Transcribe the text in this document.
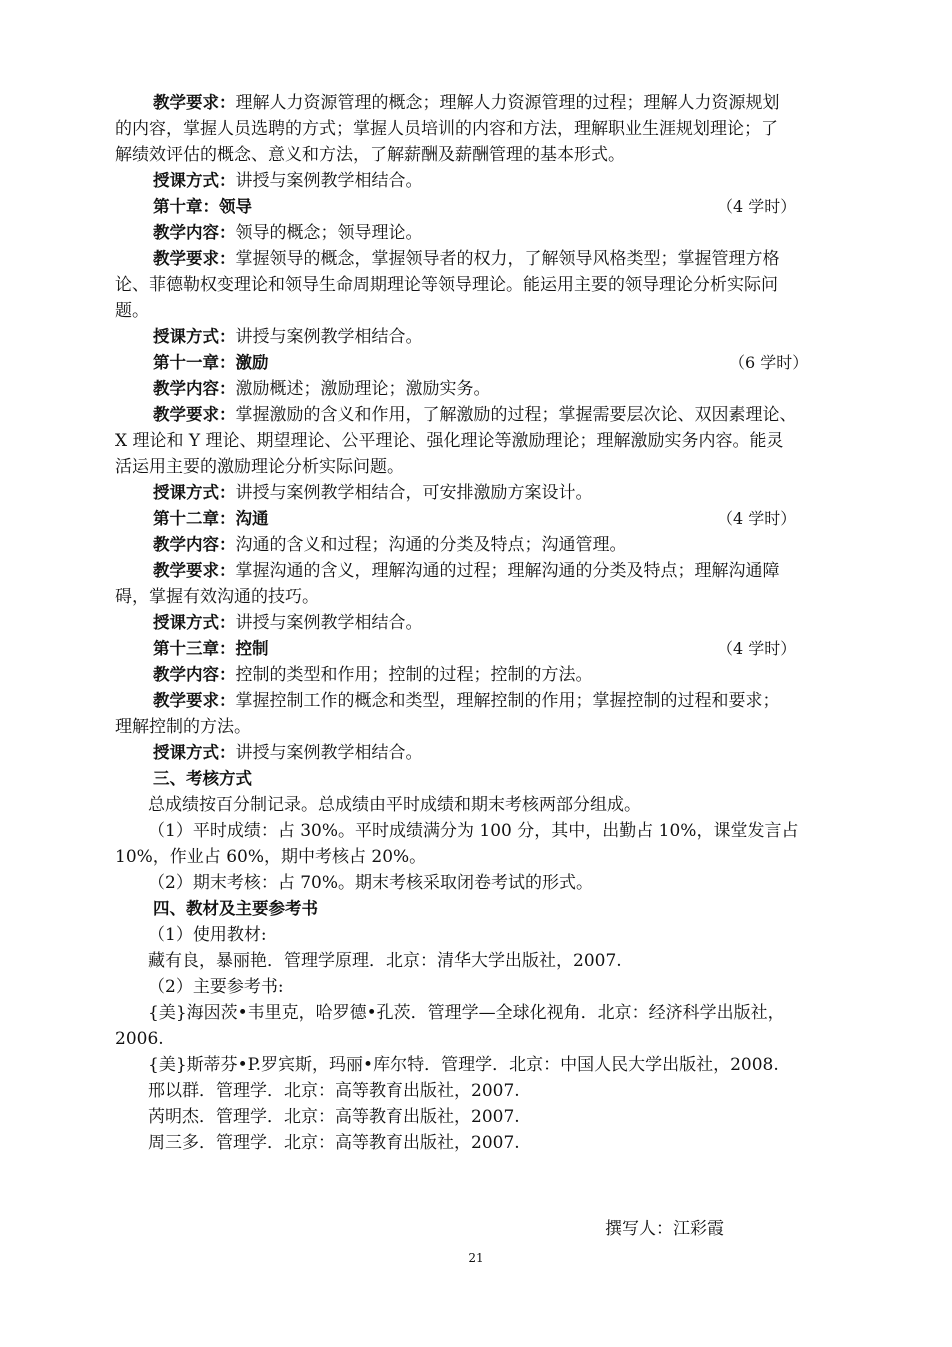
教学要求：理解人力资源管理的概念；理解人力资源管理的过程；理解人力资源规划
的内容，掌握人员选聘的方式；掌握人员培训的内容和方法，理解职业生涯规划理论；了
解绩效评估的概念、意义和方法，了解薪酬及薪酬管理的基本形式。
授课方式：讲授与案例教学相结合。
第十章：领导	（4 学时）
教学内容：领导的概念；领导理论。
教学要求：掌握领导的概念，掌握领导者的权力，了解领导风格类型；掌握管理方格
论、菲德勒权变理论和领导生命周期理论等领导理论。能运用主要的领导理论分析实际问
题。
授课方式：讲授与案例教学相结合。
第十一章：激励	（6 学时）
教学内容：激励概述；激励理论；激励实务。
教学要求：掌握激励的含义和作用，了解激励的过程；掌握需要层次论、双因素理论、
X 理论和 Y 理论、期望理论、公平理论、强化理论等激励理论；理解激励实务内容。能灵
活运用主要的激励理论分析实际问题。
授课方式：讲授与案例教学相结合，可安排激励方案设计。
第十二章：沟通	（4 学时）
教学内容：沟通的含义和过程；沟通的分类及特点；沟通管理。
教学要求：掌握沟通的含义，理解沟通的过程；理解沟通的分类及特点；理解沟通障
碍，掌握有效沟通的技巧。
授课方式：讲授与案例教学相结合。
第十三章：控制	（4 学时）
教学内容：控制的类型和作用；控制的过程；控制的方法。
教学要求：掌握控制工作的概念和类型，理解控制的作用；掌握控制的过程和要求；
理解控制的方法。
授课方式：讲授与案例教学相结合。
三、考核方式
总成绩按百分制记录。总成绩由平时成绩和期末考核两部分组成。
（1）平时成绩：占 30%。平时成绩满分为 100 分，其中，出勤占 10%，课堂发言占
10%，作业占 60%，期中考核占 20%。
（2）期末考核：占 70%。期末考核采取闭卷考试的形式。
四、教材及主要参考书
（1）使用教材:
藏有良，暴丽艳．管理学原理．北京：清华大学出版社，2007.
（2）主要参考书:
{美}海因茨•韦里克，哈罗德•孔茨．管理学—全球化视角．北京：经济科学出版社，
2006.
{美}斯蒂芬•P.罗宾斯，玛丽•库尔特．管理学．北京：中国人民大学出版社，2008.
邢以群．管理学．北京：高等教育出版社，2007.
芮明杰．管理学．北京：高等教育出版社，2007.
周三多．管理学．北京：高等教育出版社，2007.
撰写人：江彩霞
21
